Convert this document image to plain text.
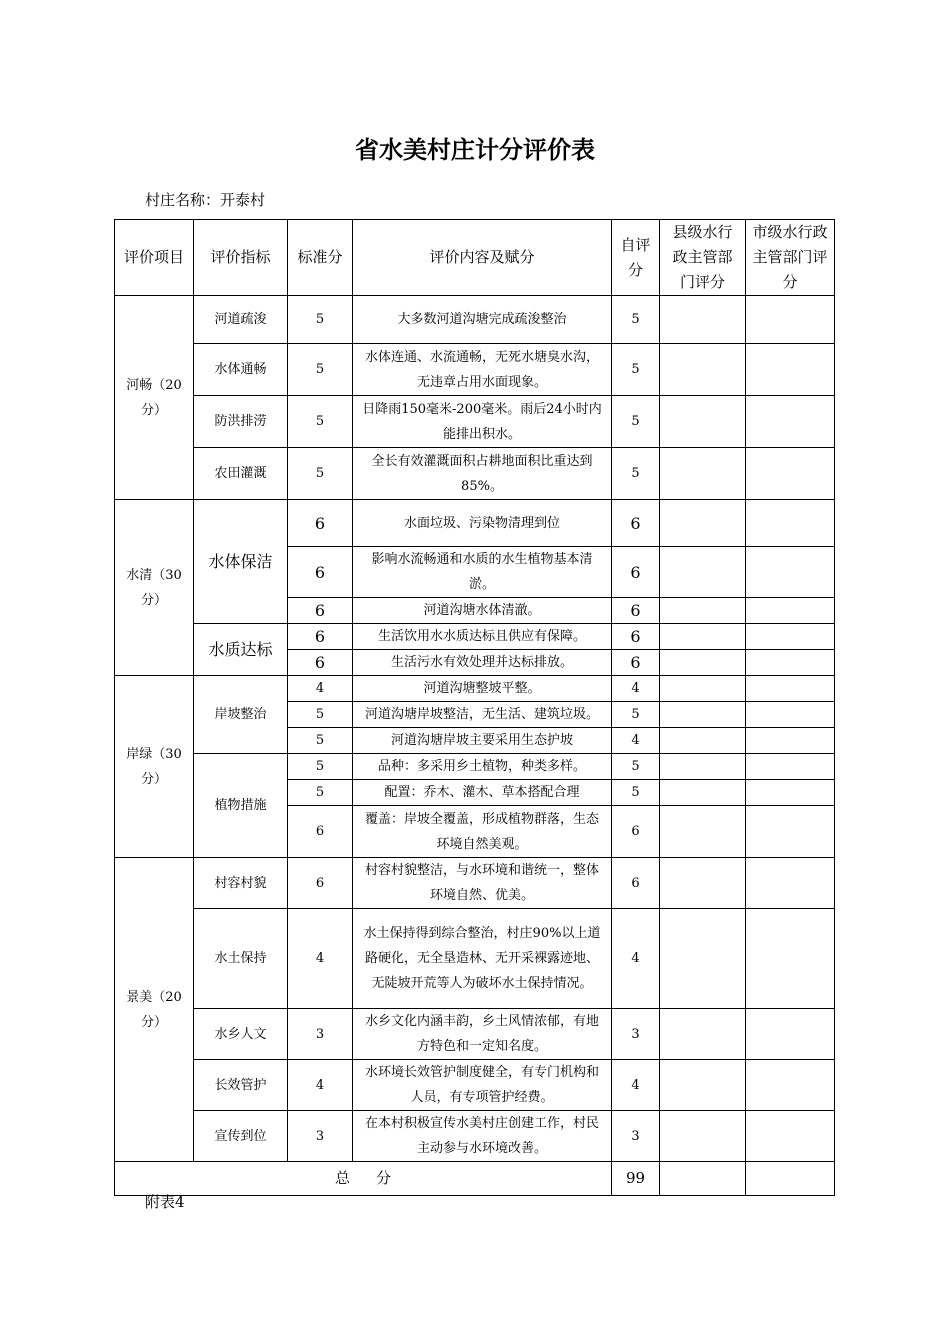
省水美村庄计分评价表
村庄名称：开泰村
评价项目	评价指标	标准分	评价内容及赋分	自评分	县级水行政主管部门评分	市级水行政主管部门评分
河畅（20分）	河道疏浚	5	大多数河道沟塘完成疏浚整治	5		
	水体通畅	5	水体连通、水流通畅，无死水塘臭水沟，无违章占用水面现象。	5		
	防洪排涝	5	日降雨150毫米-200毫米。雨后24小时内能排出积水。	5		
	农田灌溉	5	全长有效灌溉面积占耕地面积比重达到85%。	5		
水清（30分）	水体保洁	6	水面垃圾、污染物清理到位	6		
		6	影响水流畅通和水质的水生植物基本清淤。	6		
		6	河道沟塘水体清澈。	6		
	水质达标	6	生活饮用水水质达标且供应有保障。	6		
		6	生活污水有效处理并达标排放。	6		
岸绿（30分）	岸坡整治	4	河道沟塘整坡平整。	4		
		5	河道沟塘岸坡整洁，无生活、建筑垃圾。	5		
		5	河道沟塘岸坡主要采用生态护坡	4		
	植物措施	5	品种：多采用乡土植物，种类多样。	5		
		5	配置：乔木、灌木、草本搭配合理	5		
		6	覆盖：岸坡全覆盖，形成植物群落，生态环境自然美观。	6		
景美（20分）	村容村貌	6	村容村貌整洁，与水环境和谐统一，整体环境自然、优美。	6		
	水土保持	4	水土保持得到综合整治，村庄90%以上道路硬化，无全垦造林、无开采裸露迹地、无陡坡开荒等人为破坏水土保持情况。	4		
	水乡人文	3	水乡文化内涵丰韵，乡土风情浓郁，有地方特色和一定知名度。	3		
	长效管护	4	水环境长效管护制度健全，有专门机构和人员，有专项管护经费。	4		
	宣传到位	3	在本村积极宣传水美村庄创建工作，村民主动参与水环境改善。	3		
总 分				99		
附表4
